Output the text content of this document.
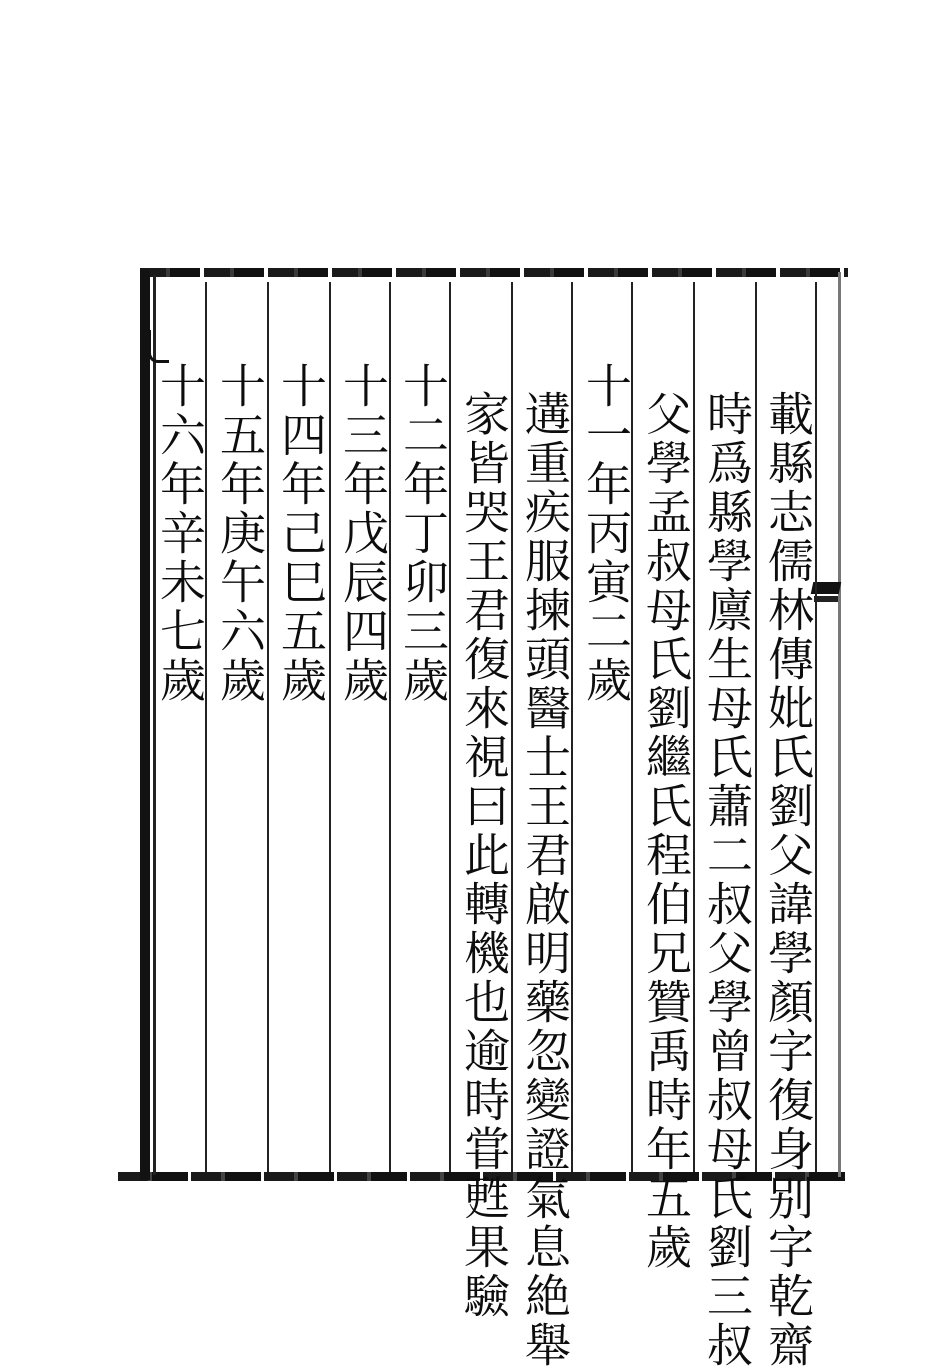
載縣志儒林傳妣氏劉父諱學顏字復身别字乾齋
時爲縣學廪生母氏蕭二叔父學曾叔母氏劉三叔
父學孟叔母氏劉繼氏程伯兄贊禹時年五歲
十一年丙寅二歲
遘重疾服揀頭醫士王君啟明藥忽變證氣息絶舉
家皆哭王君復來視曰此轉機也逾時甞甦果驗
十二年丁卯三歲
十三年戊辰四歲
十四年己巳五歲
十五年庚午六歲
十六年辛未七歲
